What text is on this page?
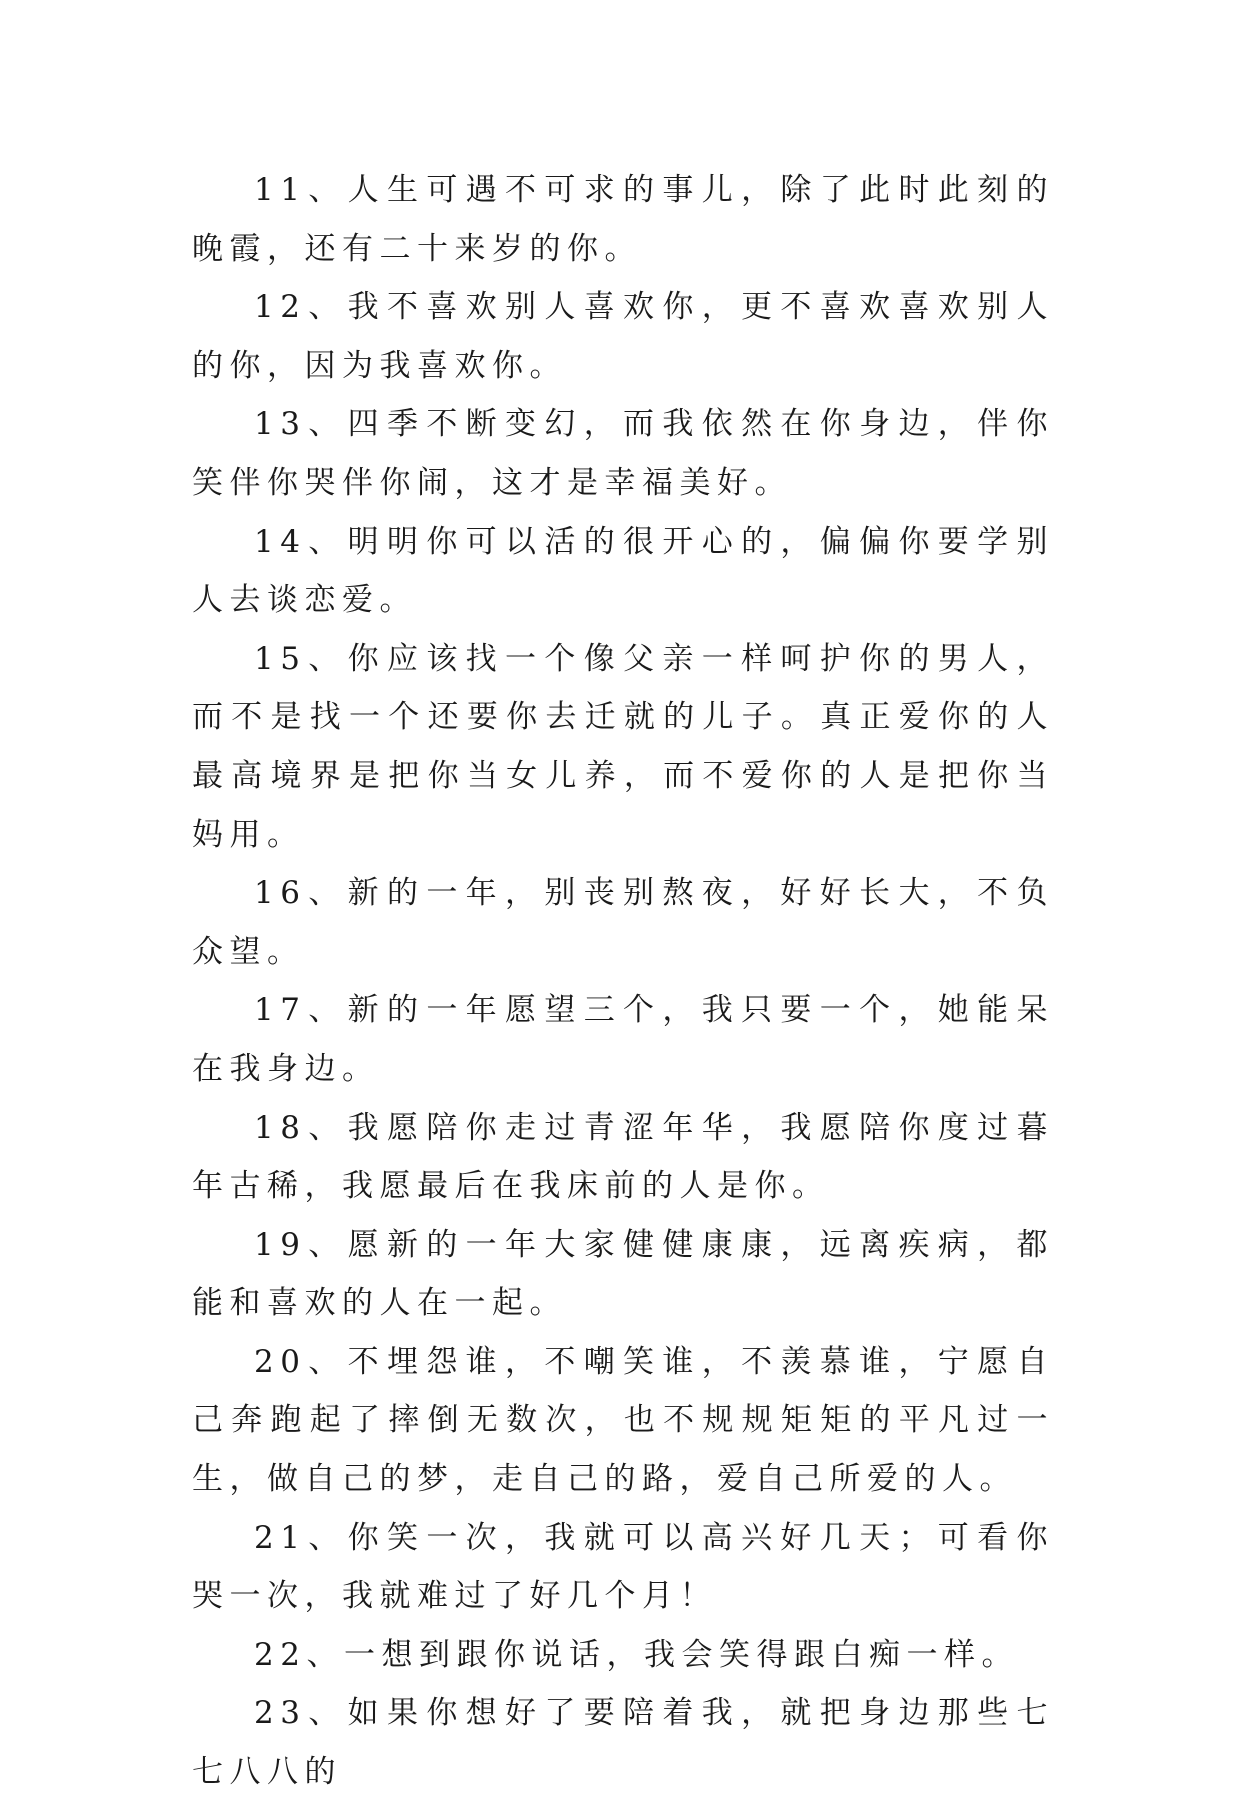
11、人生可遇不可求的事儿，除了此时此刻的晚霞，还有二十来岁的你。

12、我不喜欢别人喜欢你，更不喜欢喜欢别人的你，因为我喜欢你。

13、四季不断变幻，而我依然在你身边，伴你笑伴你哭伴你闹，这才是幸福美好。

14、明明你可以活的很开心的，偏偏你要学别人去谈恋爱。

15、你应该找一个像父亲一样呵护你的男人，而不是找一个还要你去迁就的儿子。真正爱你的人最高境界是把你当女儿养，而不爱你的人是把你当妈用。

16、新的一年，别丧别熬夜，好好长大，不负众望。

17、新的一年愿望三个，我只要一个，她能呆在我身边。

18、我愿陪你走过青涩年华，我愿陪你度过暮年古稀，我愿最后在我床前的人是你。

19、愿新的一年大家健健康康，远离疾病，都能和喜欢的人在一起。

20、不埋怨谁，不嘲笑谁，不羡慕谁，宁愿自己奔跑起了摔倒无数次，也不规规矩矩的平凡过一生，做自己的梦，走自己的路，爱自己所爱的人。

21、你笑一次，我就可以高兴好几天；可看你哭一次，我就难过了好几个月！

22、一想到跟你说话，我会笑得跟白痴一样。

23、如果你想好了要陪着我，就把身边那些七七八八的
